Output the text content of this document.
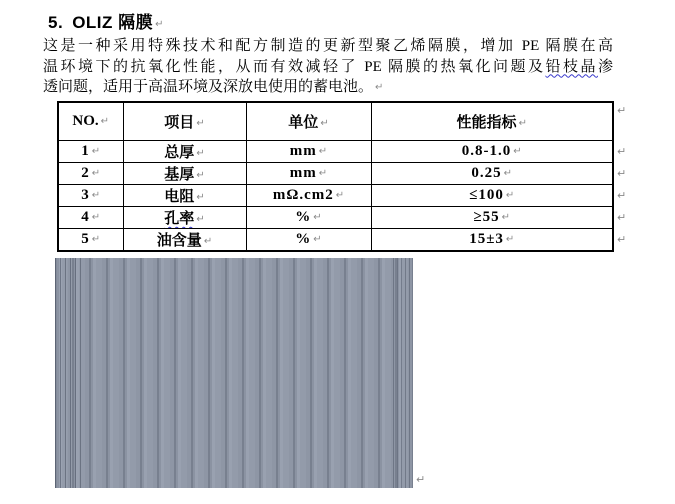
5. OLIZ 隔膜 ↵
这是一种采用特殊技术和配方制造的更新型聚乙烯隔膜，增加 PE 隔膜在高
温环境下的抗氧化性能，从而有效减轻了 PE 隔膜的热氧化问题及铅枝晶渗
透问题，适用于高温环境及深放电使用的蓄电池。 ↵
NO. ↵	项目 ↵	单位 ↵	性能指标 ↵
1 ↵	总厚 ↵	mm ↵	0.8-1.0 ↵
2 ↵	基厚 ↵	mm ↵	0.25 ↵
3 ↵	电阻 ↵	mΩ.cm2 ↵	≤100 ↵
4 ↵	孔率 ↵	% ↵	≥55 ↵
5 ↵	油含量 ↵	% ↵	15±3 ↵
↵
↵
↵
↵
↵
↵
↵
